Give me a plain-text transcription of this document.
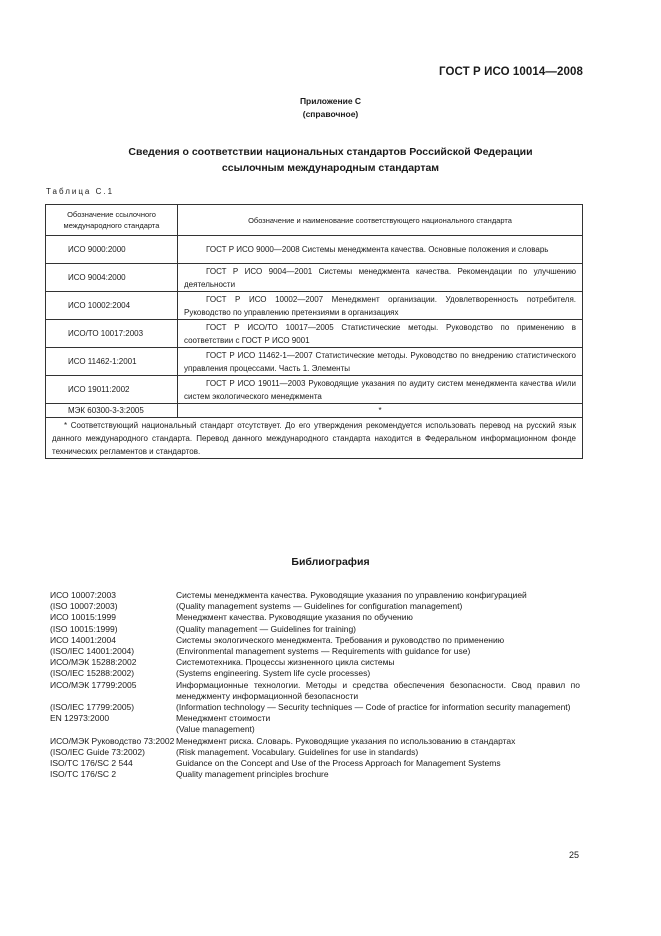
ГОСТ Р ИСО 10014—2008
Приложение С
(справочное)
Сведения о соответствии национальных стандартов Российской Федерации
ссылочным международным стандартам
Таблица С.1
Обозначение ссылочного международного стандарта	Обозначение и наименование соответствующего национального стандарта
ИСО 9000:2000	ГОСТ Р ИСО 9000—2008 Системы менеджмента качества. Основные положения и словарь
ИСО 9004:2000	ГОСТ Р ИСО 9004—2001 Системы менеджмента качества. Рекомендации по улучшению деятельности
ИСО 10002:2004	ГОСТ Р ИСО 10002—2007 Менеджмент организации. Удовлетворенность потребителя. Руководство по управлению претензиями в организациях
ИСО/ТО 10017:2003	ГОСТ Р ИСО/ТО 10017—2005 Статистические методы. Руководство по применению в соответствии с ГОСТ Р ИСО 9001
ИСО 11462-1:2001	ГОСТ Р ИСО 11462-1—2007 Статистические методы. Руководство по внедрению статистического управления процессами. Часть 1. Элементы
ИСО 19011:2002	ГОСТ Р ИСО 19011—2003 Руководящие указания по аудиту систем менеджмента качества и/или систем экологического менеджмента
МЭК 60300-3-3:2005	*
* Соответствующий национальный стандарт отсутствует. До его утверждения рекомендуется использовать перевод на русский язык данного международного стандарта. Перевод данного международного стандарта находится в Федеральном информационном фонде технических регламентов и стандартов.	
Библиография
ИСО 10007:2003	Системы менеджмента качества. Руководящие указания по управлению конфигурацией
(ISO 10007:2003)	(Quality management systems — Guidelines for configuration management)
ИСО 10015:1999	Менеджмент качества. Руководящие указания по обучению
(ISO 10015:1999)	(Quality management — Guidelines for training)
ИСО 14001:2004	Системы экологического менеджмента. Требования и руководство по применению
(ISO/IEC 14001:2004)	(Environmental management systems — Requirements with guidance for use)
ИСО/МЭК 15288:2002	Системотехника. Процессы жизненного цикла системы
(ISO/IEC 15288:2002)	(Systems engineering. System life cycle processes)
ИСО/МЭК 17799:2005	Информационные технологии. Методы и средства обеспечения безопасности. Свод правил по менеджменту информационной безопасности
(ISO/IEC 17799:2005)	(Information technology — Security techniques — Code of practice for information security management)
EN 12973:2000	Менеджмент стоимости
(Value management)
ИСО/МЭК Руководство 73:2002 Менеджмент риска. Словарь. Руководящие указания по использованию в стандартах
(ISO/IEC Guide 73:2002)	(Risk management. Vocabulary. Guidelines for use in standards)
ISO/TC 176/SC 2 544	Guidance on the Concept and Use of the Process Approach for Management Systems
ISO/TC 176/SC 2	Quality management principles brochure
25
